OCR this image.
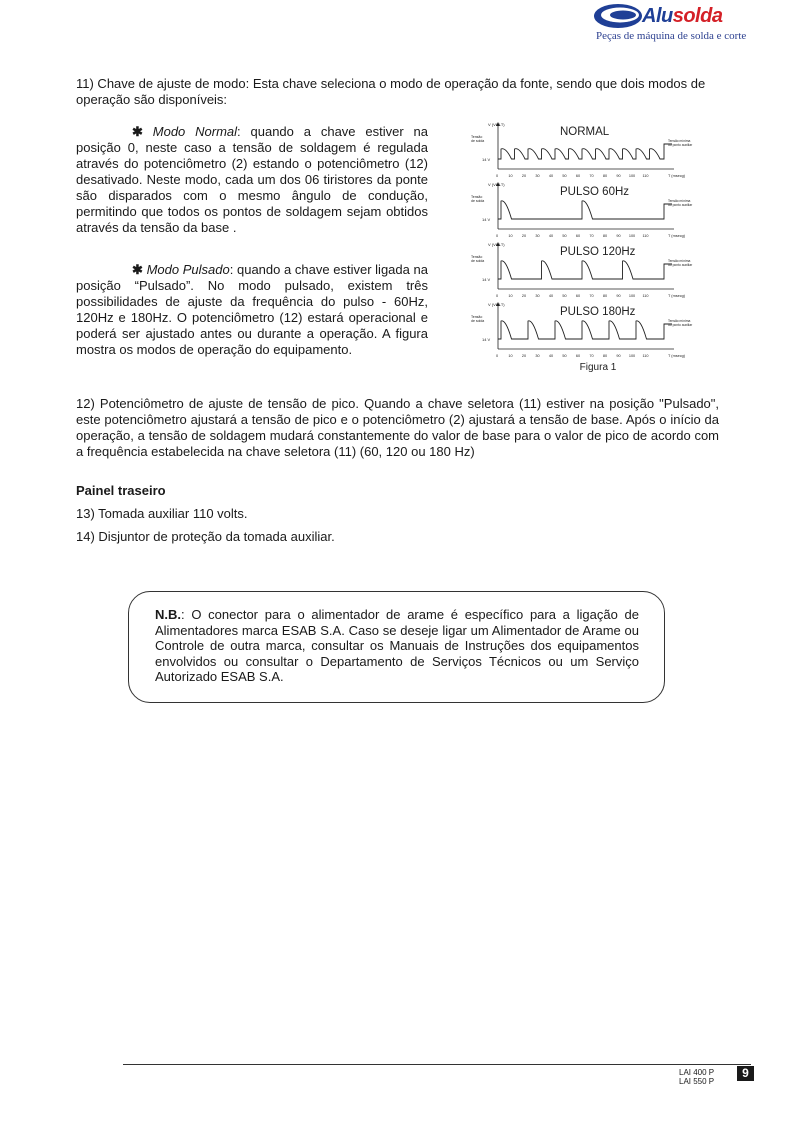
Alusolda
Peças de máquina de solda e corte
11) Chave de ajuste de modo: Esta chave seleciona o modo de operação da fonte, sendo que dois modos de operação são disponíveis:
✱ Modo Normal: quando a chave estiver na posição 0, neste caso a tensão de soldagem é regulada através do potenciômetro (2) estando o potenciômetro (12) desativado. Neste modo, cada um dos 06 tiristores da ponte são disparados com o mesmo ângulo de condução, permitindo que todos os pontos de soldagem sejam obtidos através da tensão da base .
✱ Modo Pulsado: quando a chave estiver ligada na posição “Pulsado”. No modo pulsado, existem três possibilidades de ajuste da frequência do pulso - 60Hz, 120Hz e 180Hz. O potenciômetro (12) estará operacional e poderá ser ajustado antes ou durante a operação. A figura mostra os modos de operação do equipamento.
NORMAL
V (VOLT)
Tensão
de solda
14 V
T (msecg)
Tensão mínima
do ponto auxiliar
0	10 20 30 40 50 60 70 80 90 100 110
PULSO 60Hz
V (VOLT)
Tensão
de solda
14 V
T (msecg)
Tensão mínima
do ponto auxiliar
0	10 20 30 40 50 60 70 80 90 100 110
PULSO 120Hz
V (VOLT)
Tensão
de solda
14 V
T (msecg)
Tensão mínima
do ponto auxiliar
0	10 20 30 40 50 60 70 80 90 100 110
PULSO 180Hz
V (VOLT)
Tensão
de solda
14 V
T (msecg)
Tensão mínima
do ponto auxiliar
0	10 20 30 40 50 60 70 80 90 100 110
Figura 1
12) Potenciômetro de ajuste de tensão de pico. Quando a chave seletora (11) estiver na posição "Pulsado", este potenciômetro ajustará a tensão de pico e o potenciômetro (2) ajustará a tensão de base. Após o início da operação, a tensão de soldagem mudará constantemente do valor de base para o valor de pico de acordo com a frequência estabelecida na chave seletora (11) (60, 120 ou 180 Hz)
Painel traseiro
13) Tomada auxiliar 110 volts.
14) Disjuntor de proteção da tomada auxiliar.
N.B.: O conector para o alimentador de arame é específico para a ligação de Alimentadores marca ESAB S.A. Caso se deseje ligar um Alimentador de Arame ou Controle de outra marca, consultar os Manuais de Instruções dos equipamentos envolvidos ou consultar o Departamento de Serviços Técnicos ou um Serviço Autorizado ESAB S.A.
LAI 400 P
LAI 550 P
9
